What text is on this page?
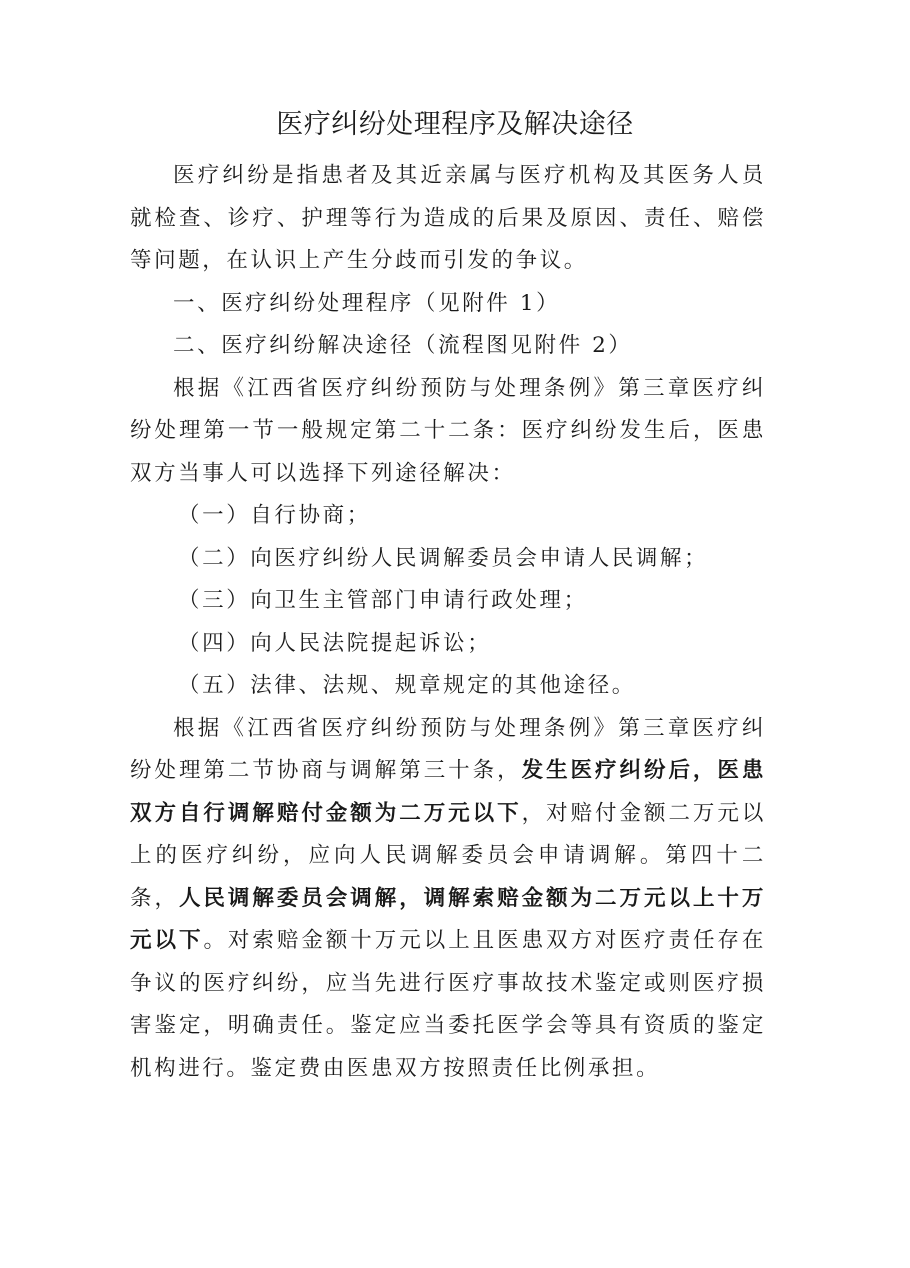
医疗纠纷处理程序及解决途径

医疗纠纷是指患者及其近亲属与医疗机构及其医务人员就检查、诊疗、护理等行为造成的后果及原因、责任、赔偿等问题，在认识上产生分歧而引发的争议。

一、医疗纠纷处理程序（见附件 1）

二、医疗纠纷解决途径（流程图见附件 2）

根据《江西省医疗纠纷预防与处理条例》第三章医疗纠纷处理第一节一般规定第二十二条：医疗纠纷发生后，医患双方当事人可以选择下列途径解决：

（一）自行协商；

（二）向医疗纠纷人民调解委员会申请人民调解；

（三）向卫生主管部门申请行政处理；

（四）向人民法院提起诉讼；

（五）法律、法规、规章规定的其他途径。

根据《江西省医疗纠纷预防与处理条例》第三章医疗纠纷处理第二节协商与调解第三十条，发生医疗纠纷后，医患双方自行调解赔付金额为二万元以下，对赔付金额二万元以上的医疗纠纷，应向人民调解委员会申请调解。第四十二条，人民调解委员会调解，调解索赔金额为二万元以上十万元以下。对索赔金额十万元以上且医患双方对医疗责任存在争议的医疗纠纷，应当先进行医疗事故技术鉴定或则医疗损害鉴定，明确责任。鉴定应当委托医学会等具有资质的鉴定机构进行。鉴定费由医患双方按照责任比例承担。
